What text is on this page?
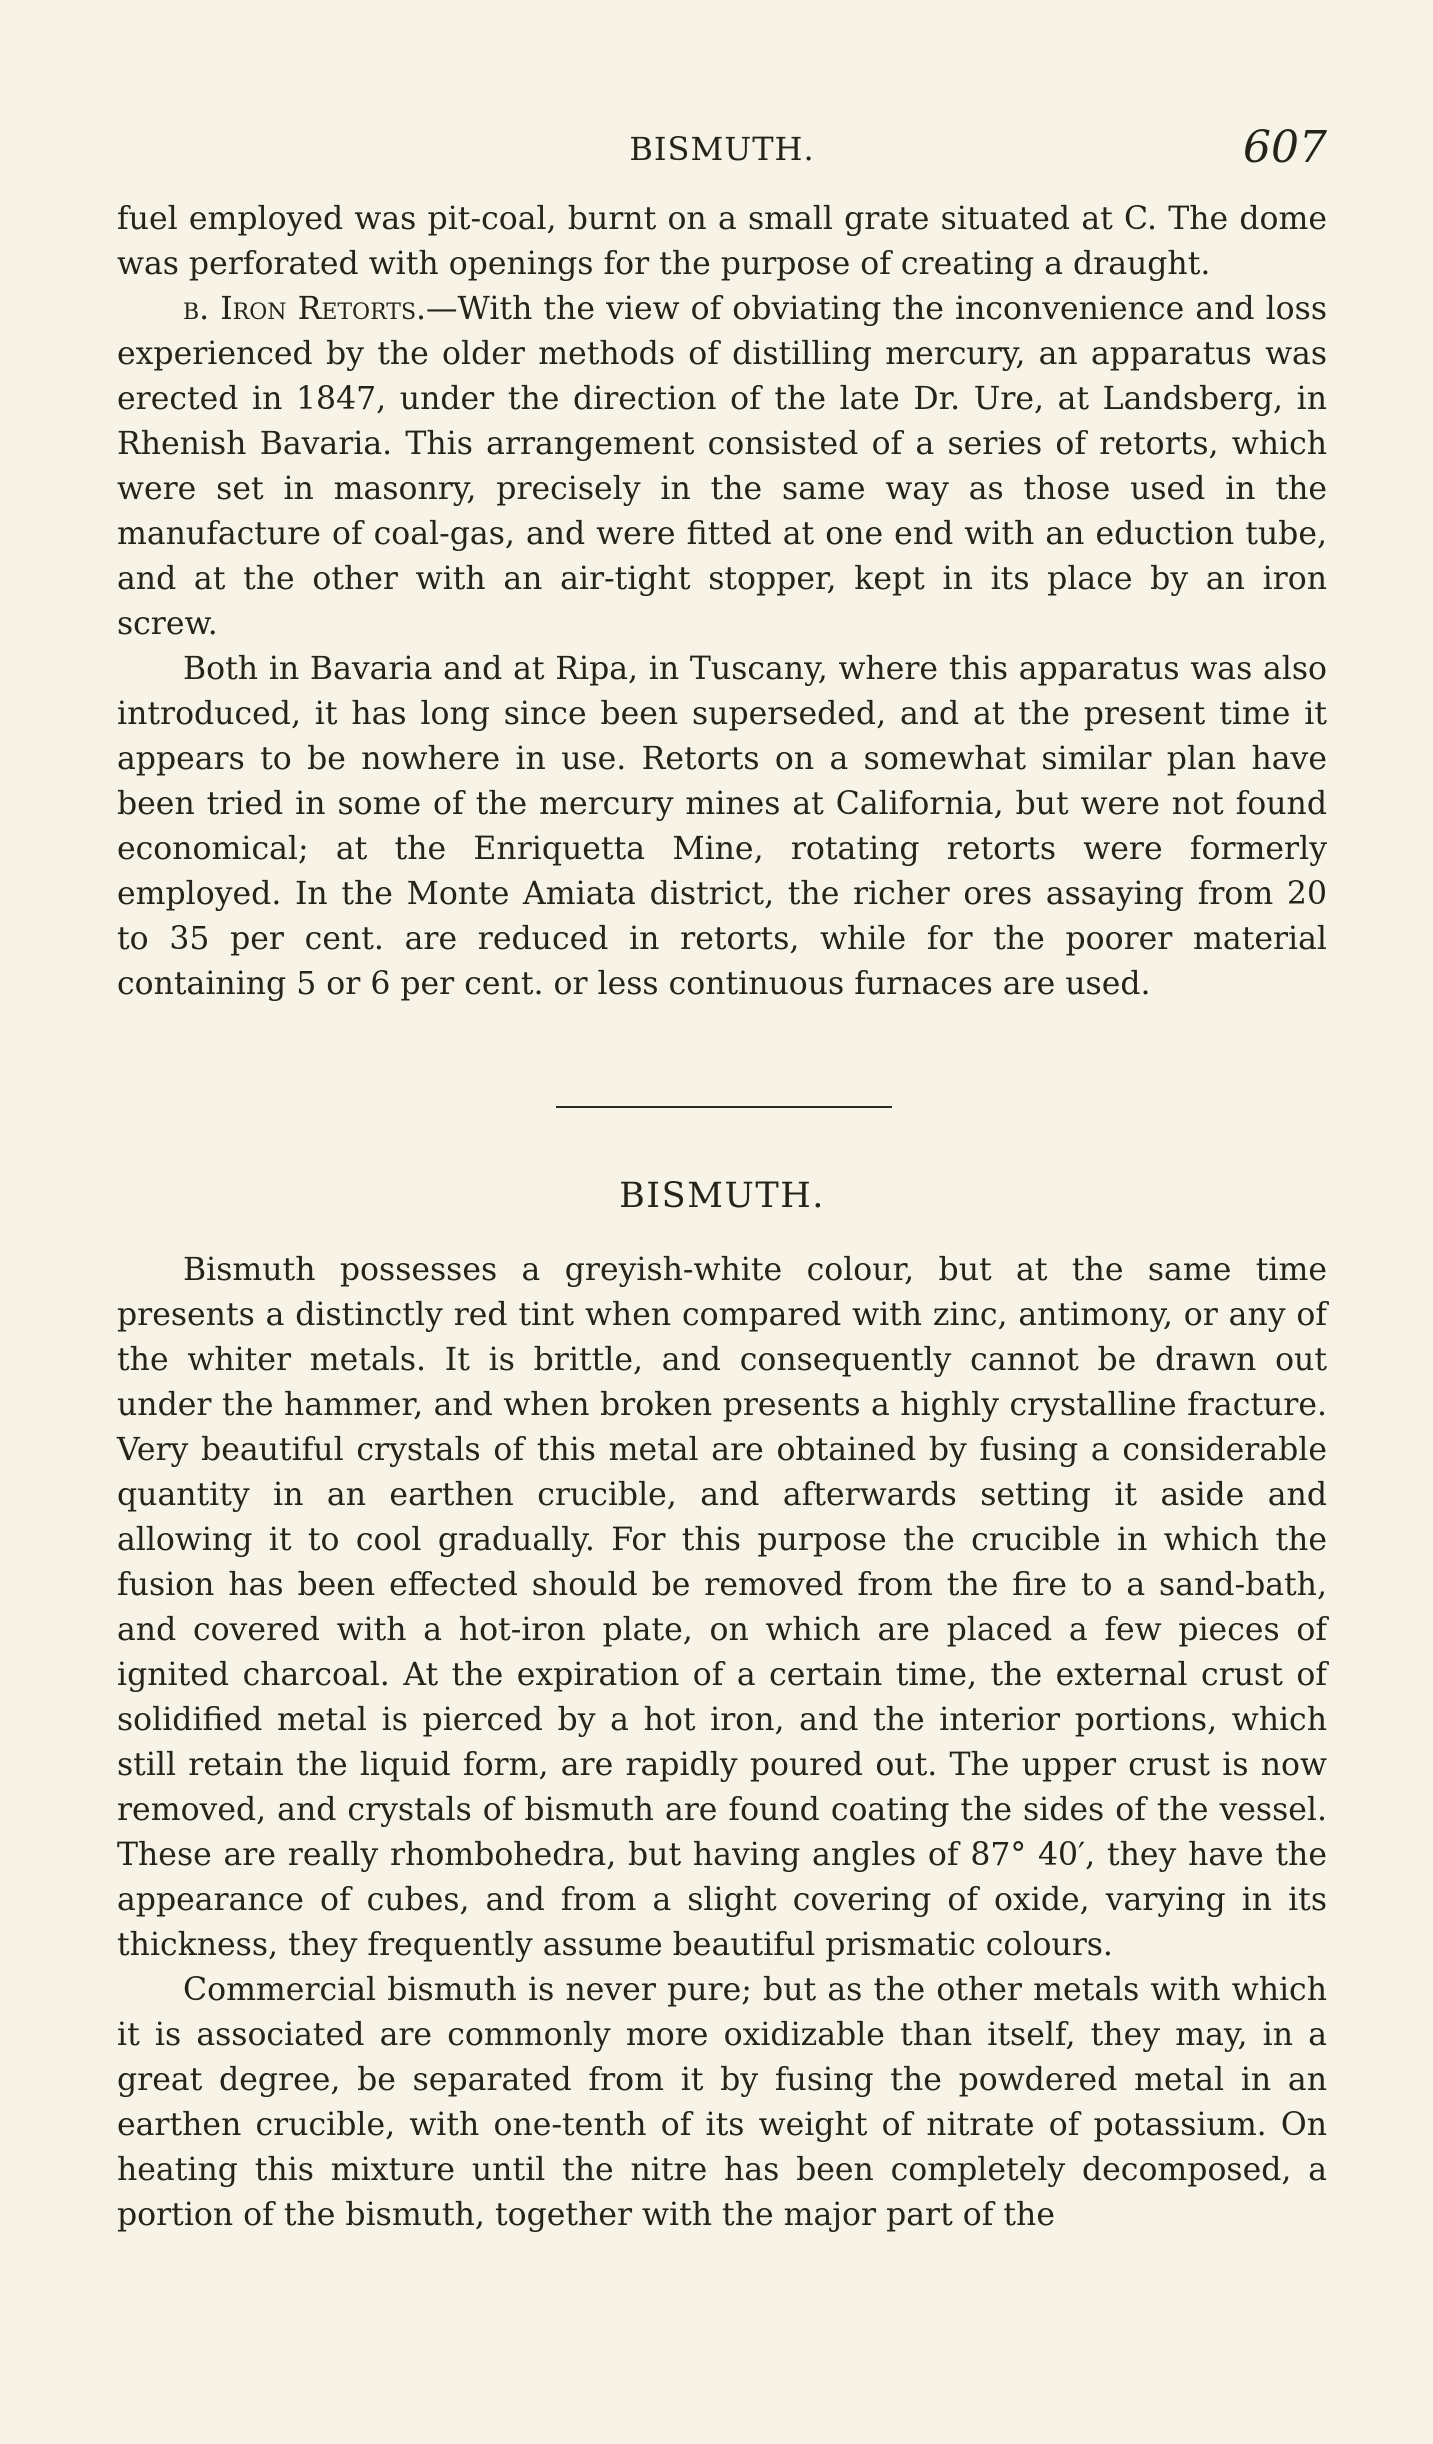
BISMUTH.	607

fuel employed was pit-coal, burnt on a small grate situated at C. The dome was perforated with openings for the purpose of creating a draught.

b. Iron Retorts.—With the view of obviating the inconvenience and loss experienced by the older methods of distilling mercury, an apparatus was erected in 1847, under the direction of the late Dr. Ure, at Landsberg, in Rhenish Bavaria. This arrangement consisted of a series of retorts, which were set in masonry, precisely in the same way as those used in the manufacture of coal-gas, and were fitted at one end with an eduction tube, and at the other with an air-tight stopper, kept in its place by an iron screw.

Both in Bavaria and at Ripa, in Tuscany, where this apparatus was also introduced, it has long since been superseded, and at the present time it appears to be nowhere in use. Retorts on a somewhat similar plan have been tried in some of the mercury mines at California, but were not found economical; at the Enriquetta Mine, rotating retorts were formerly employed. In the Monte Amiata district, the richer ores assaying from 20 to 35 per cent. are reduced in retorts, while for the poorer material containing 5 or 6 per cent. or less continuous furnaces are used.

BISMUTH.

Bismuth possesses a greyish-white colour, but at the same time presents a distinctly red tint when compared with zinc, antimony, or any of the whiter metals. It is brittle, and consequently cannot be drawn out under the hammer, and when broken presents a highly crystalline fracture. Very beautiful crystals of this metal are obtained by fusing a considerable quantity in an earthen crucible, and afterwards setting it aside and allowing it to cool gradually. For this purpose the crucible in which the fusion has been effected should be removed from the fire to a sand-bath, and covered with a hot-iron plate, on which are placed a few pieces of ignited charcoal. At the expiration of a certain time, the external crust of solidified metal is pierced by a hot iron, and the interior portions, which still retain the liquid form, are rapidly poured out. The upper crust is now removed, and crystals of bismuth are found coating the sides of the vessel. These are really rhombohedra, but having angles of 87° 40′, they have the appearance of cubes, and from a slight covering of oxide, varying in its thickness, they frequently assume beautiful prismatic colours.

Commercial bismuth is never pure; but as the other metals with which it is associated are commonly more oxidizable than itself, they may, in a great degree, be separated from it by fusing the powdered metal in an earthen crucible, with one-tenth of its weight of nitrate of potassium. On heating this mixture until the nitre has been completely decomposed, a portion of the bismuth, together with the major part of the
